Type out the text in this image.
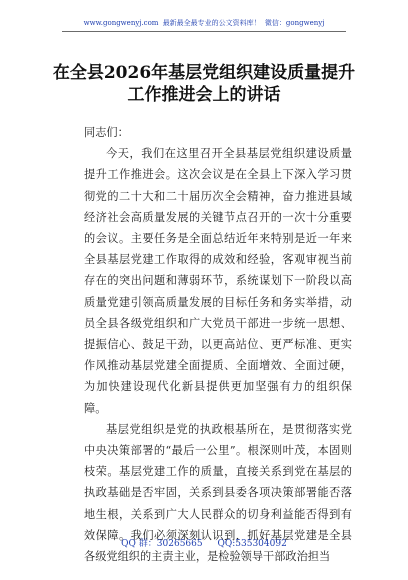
www.gongwenyj.com 最新最全最专业的公文资料库！ 微信：gongwenyj
在全县2026年基层党组织建设质量提升
工作推进会上的讲话

同志们：

今天，我们在这里召开全县基层党组织建设质量提升工作推进会。这次会议是在全县上下深入学习贯彻党的二十大和二十届历次全会精神，奋力推进县域经济社会高质量发展的关键节点召开的一次十分重要的会议。主要任务是全面总结近年来特别是近一年来全县基层党建工作取得的成效和经验，客观审视当前存在的突出问题和薄弱环节，系统谋划下一阶段以高质量党建引领高质量发展的目标任务和务实举措，动员全县各级党组织和广大党员干部进一步统一思想、提振信心、鼓足干劲，以更高站位、更严标准、更实作风推动基层党建全面提质、全面增效、全面过硬，为加快建设现代化新县提供更加坚强有力的组织保障。

基层党组织是党的执政根基所在，是贯彻落实党中央决策部署的“最后一公里”。根深则叶茂，本固则枝荣。基层党建工作的质量，直接关系到党在基层的执政基础是否牢固，关系到县委各项决策部署能否落地生根，关系到广大人民群众的切身利益能否得到有效保障。我们必须深刻认识到，抓好基层党建是全县各级党组织的主责主业，是检验领导干部政治担当

QQ 群：30265665 QQ:535304092
